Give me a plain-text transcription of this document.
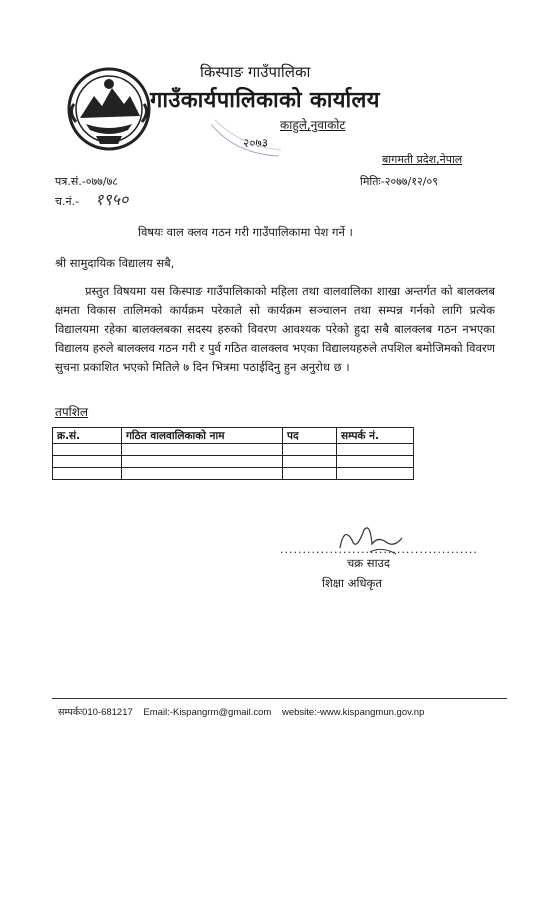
किस्पाङ गाउँपालिका
गाउँकार्यपालिकाको कार्यालय
काहुले,नुवाकोट
२०७३
बागमती प्रदेश,नेपाल
पत्र.सं.-०७७/७८
च.नं.- १९५०
मितिः-२०७७/१२/०९
विषयः वाल क्लव गठन गरी गाउँपालिकामा पेश गर्ने ।
श्री सामुदायिक विद्यालय सबै,
प्रस्तुत विषयमा यस किस्पाङ गाउँपालिकाको महिला तथा वालवालिका शाखा अन्तर्गत को बालक्लब क्षमता विकास तालिमको कार्यक्रम परेकाले सो कार्यक्रम सञ्चालन तथा सम्पन्न गर्नको लागि प्रत्येक विद्यालयमा रहेका बालक्लबका सदस्य हरुको विवरण आवश्यक परेको हुदा सबै बालक्लब गठन नभएका विद्यालय हरुले बालक्लव गठन गरी र पुर्व गठित वालक्लव भएका विद्यालयहरुले तपशिल बमोजिमको विवरण सुचना प्रकाशित भएको मितिले ७ दिन भित्रमा पठाईदिनु हुन अनुरोध छ ।
तपशिल
क्र.सं.	गठित वालवालिकाको नाम	पद	सम्पर्क नं.

............................................
चक्र साउद
शिक्षा अधिकृत
सम्पर्कः010-681217 Email:-Kispangrm@gmail.com website:-www.kispangmun.gov.np
